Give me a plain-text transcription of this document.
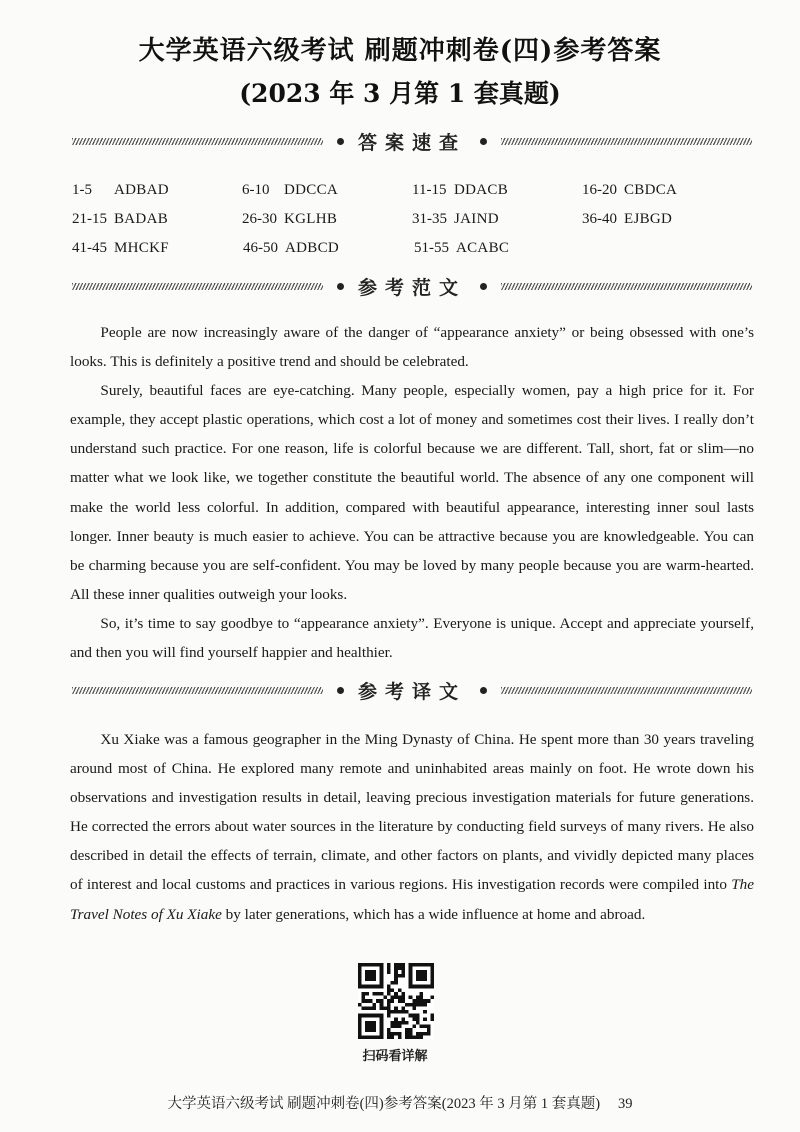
大学英语六级考试 刷题冲刺卷(四)参考答案
(2023 年 3 月第 1 套真题)
答案速查
1-5	ADBAD	6-10 DDCCA	11-15 DDACB	16-20 CBDCA
21-15 BADAB	26-30 KGLHB	31-35 JAIND	36-40 EJBGD
41-45 MHCKF	46-50 ADBCD	51-55 ACABC
参考范文

People are now increasingly aware of the danger of “appearance anxiety” or being obsessed with one’s looks. This is definitely a positive trend and should be celebrated.

Surely, beautiful faces are eye-catching. Many people, especially women, pay a high price for it. For example, they accept plastic operations, which cost a lot of money and sometimes cost their lives. I really don’t understand such practice. For one reason, life is colorful because we are different. Tall, short, fat or slim—no matter what we look like, we together constitute the beautiful world. The absence of any one component will make the world less colorful. In addition, compared with beautiful appearance, interesting inner soul lasts longer. Inner beauty is much easier to achieve. You can be attractive because you are knowledgeable. You can be charming because you are self-confident. You may be loved by many people because you are warm-hearted. All these inner qualities outweigh your looks.

So, it’s time to say goodbye to “appearance anxiety”. Everyone is unique. Accept and appreciate yourself, and then you will find yourself happier and healthier.

参考译文

Xu Xiake was a famous geographer in the Ming Dynasty of China. He spent more than 30 years traveling around most of China. He explored many remote and uninhabited areas mainly on foot. He wrote down his observations and investigation results in detail, leaving precious investigation materials for future generations. He corrected the errors about water sources in the literature by conducting field surveys of many rivers. He also described in detail the effects of terrain, climate, and other factors on plants, and vividly depicted many places of interest and local customs and practices in various regions. His investigation records were compiled into The Travel Notes of Xu Xiake by later generations, which has a wide influence at home and abroad.

扫码看详解
大学英语六级考试 刷题冲刺卷(四)参考答案(2023 年 3 月第 1 套真题) 39
